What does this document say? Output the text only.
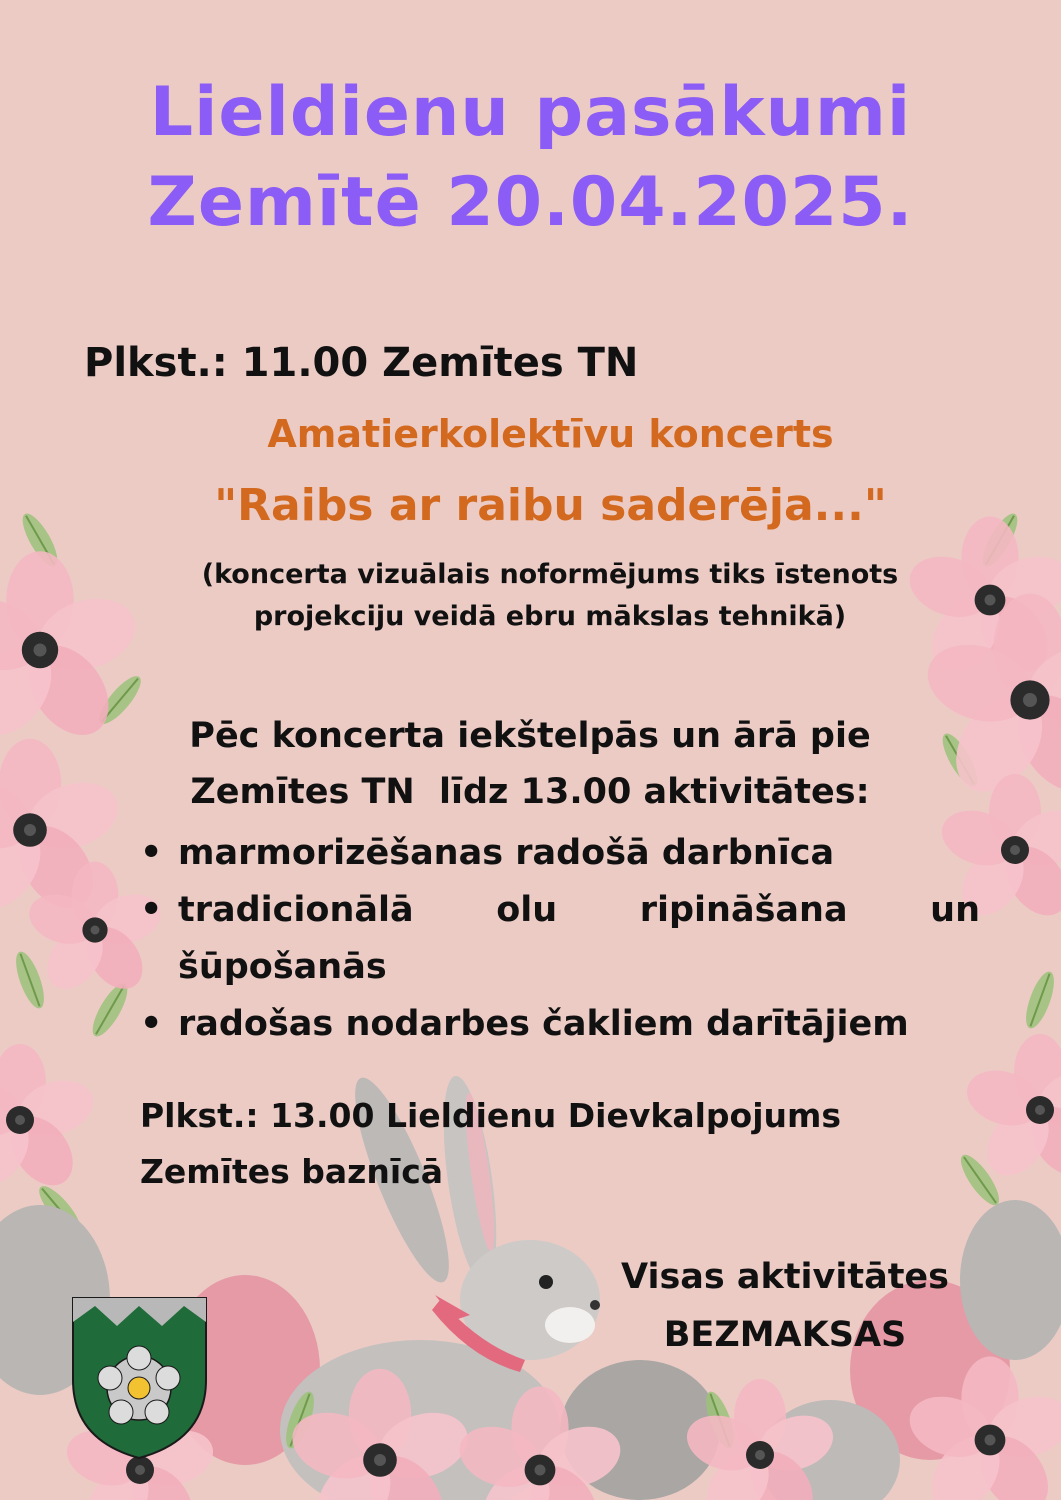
Lieldienu pasākumi

Zemītē 20.04.2025.

Plkst.: 11.00 Zemītes TN

Amatierkolektīvu koncerts

"Raibs ar raibu saderēja..."

(koncerta vizuālais noformējums tiks īstenots
projekciju veidā ebru mākslas tehnikā)
Pēc koncerta iekštelpās un ārā pie
Zemītes TN  līdz 13.00 aktivitātes:
• marmorizēšanas radošā darbnīca
• tradicionālā olu ripināšana un šūpošanās
• radošas nodarbes čakliem darītājiem
Plkst.: 13.00 Lieldienu Dievkalpojums
Zemītes baznīcā
Visas aktivitātes
BEZMAKSAS
